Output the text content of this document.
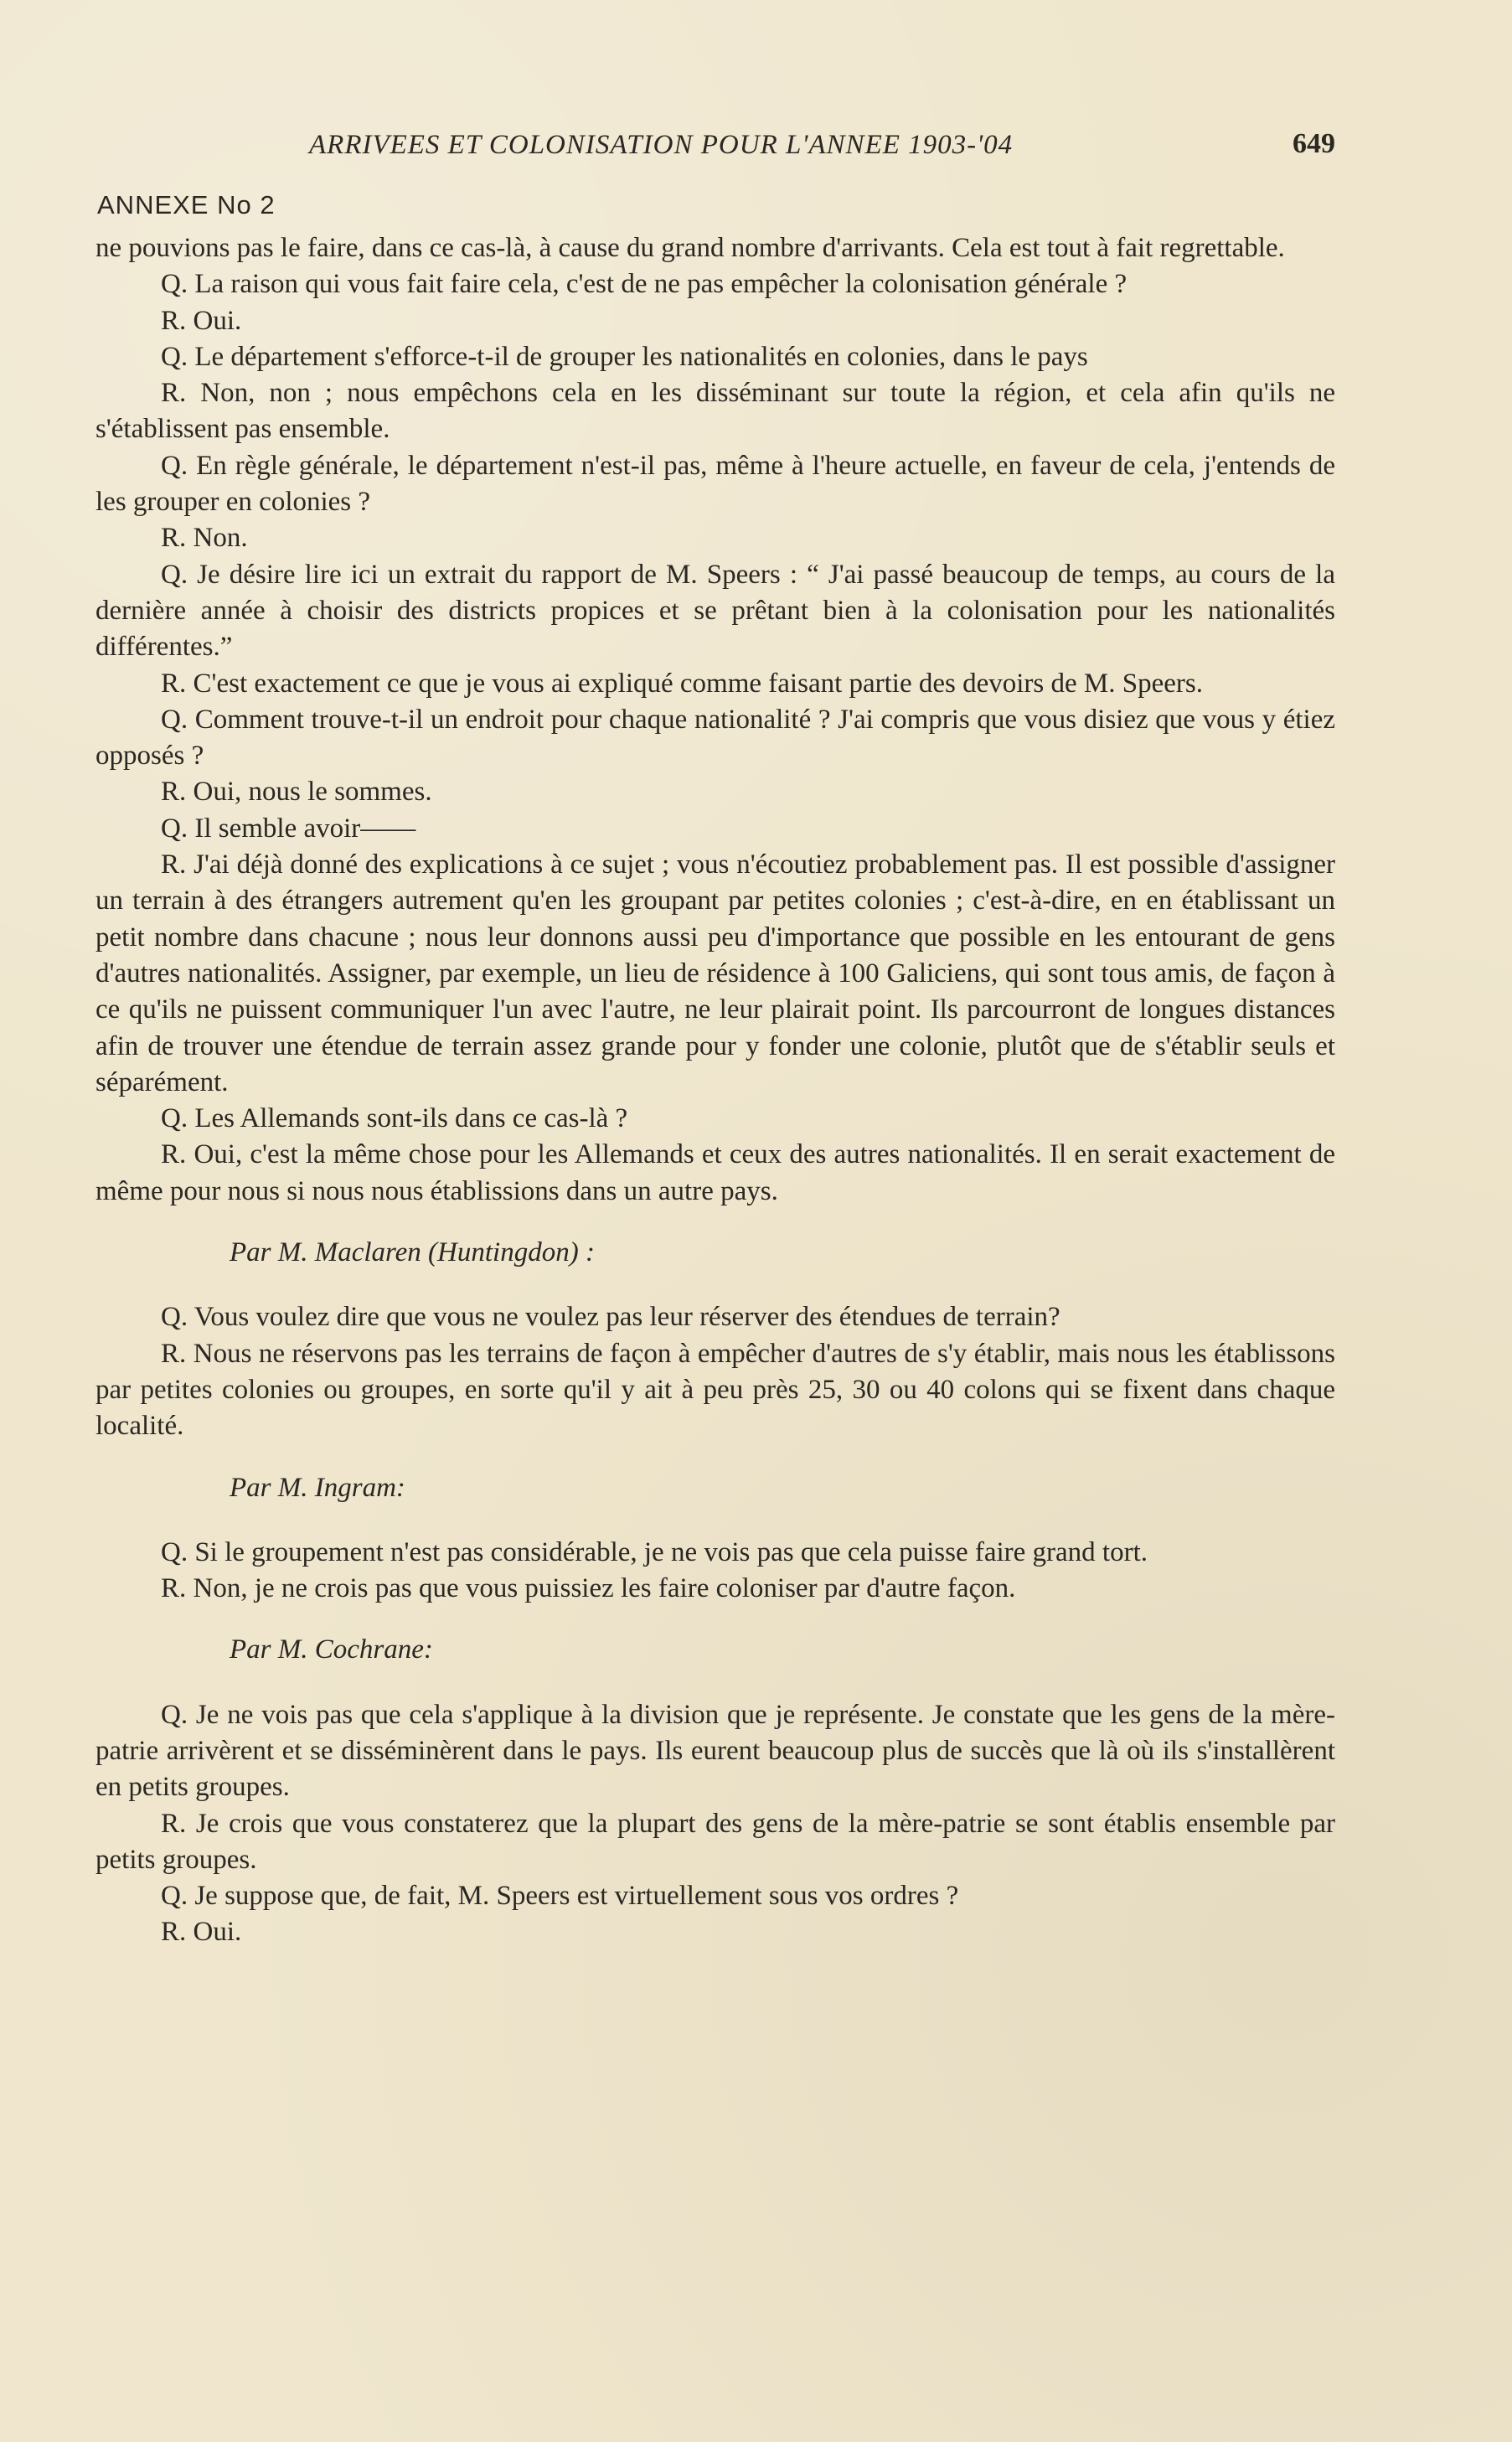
ARRIVEES ET COLONISATION POUR L'ANNEE 1903-'04	649
ANNEXE No 2

ne pouvions pas le faire, dans ce cas-là, à cause du grand nombre d'arrivants. Cela est tout à fait regrettable.

Q. La raison qui vous fait faire cela, c'est de ne pas empêcher la colonisation générale ?

R. Oui.

Q. Le département s'efforce-t-il de grouper les nationalités en colonies, dans le pays

R. Non, non ; nous empêchons cela en les disséminant sur toute la région, et cela afin qu'ils ne s'établissent pas ensemble.

Q. En règle générale, le département n'est-il pas, même à l'heure actuelle, en faveur de cela, j'entends de les grouper en colonies ?

R. Non.

Q. Je désire lire ici un extrait du rapport de M. Speers : “ J'ai passé beaucoup de temps, au cours de la dernière année à choisir des districts propices et se prêtant bien à la colonisation pour les nationalités différentes.”

R. C'est exactement ce que je vous ai expliqué comme faisant partie des devoirs de M. Speers.

Q. Comment trouve-t-il un endroit pour chaque nationalité ? J'ai compris que vous disiez que vous y étiez opposés ?

R. Oui, nous le sommes.

Q. Il semble avoir——

R. J'ai déjà donné des explications à ce sujet ; vous n'écoutiez probablement pas. Il est possible d'assigner un terrain à des étrangers autrement qu'en les groupant par petites colonies ; c'est-à-dire, en en établissant un petit nombre dans chacune ; nous leur donnons aussi peu d'importance que possible en les entourant de gens d'autres nationalités. Assigner, par exemple, un lieu de résidence à 100 Galiciens, qui sont tous amis, de façon à ce qu'ils ne puissent communiquer l'un avec l'autre, ne leur plairait point. Ils parcourront de longues distances afin de trouver une étendue de terrain assez grande pour y fonder une colonie, plutôt que de s'établir seuls et séparément.

Q. Les Allemands sont-ils dans ce cas-là ?

R. Oui, c'est la même chose pour les Allemands et ceux des autres nationalités. Il en serait exactement de même pour nous si nous nous établissions dans un autre pays.

Par M. Maclaren (Huntingdon) :

Q. Vous voulez dire que vous ne voulez pas leur réserver des étendues de terrain?

R. Nous ne réservons pas les terrains de façon à empêcher d'autres de s'y établir, mais nous les établissons par petites colonies ou groupes, en sorte qu'il y ait à peu près 25, 30 ou 40 colons qui se fixent dans chaque localité.

Par M. Ingram:

Q. Si le groupement n'est pas considérable, je ne vois pas que cela puisse faire grand tort.

R. Non, je ne crois pas que vous puissiez les faire coloniser par d'autre façon.

Par M. Cochrane:

Q. Je ne vois pas que cela s'applique à la division que je représente. Je constate que les gens de la mère-patrie arrivèrent et se disséminèrent dans le pays. Ils eurent beaucoup plus de succès que là où ils s'installèrent en petits groupes.

R. Je crois que vous constaterez que la plupart des gens de la mère-patrie se sont établis ensemble par petits groupes.

Q. Je suppose que, de fait, M. Speers est virtuellement sous vos ordres ?

R. Oui.
